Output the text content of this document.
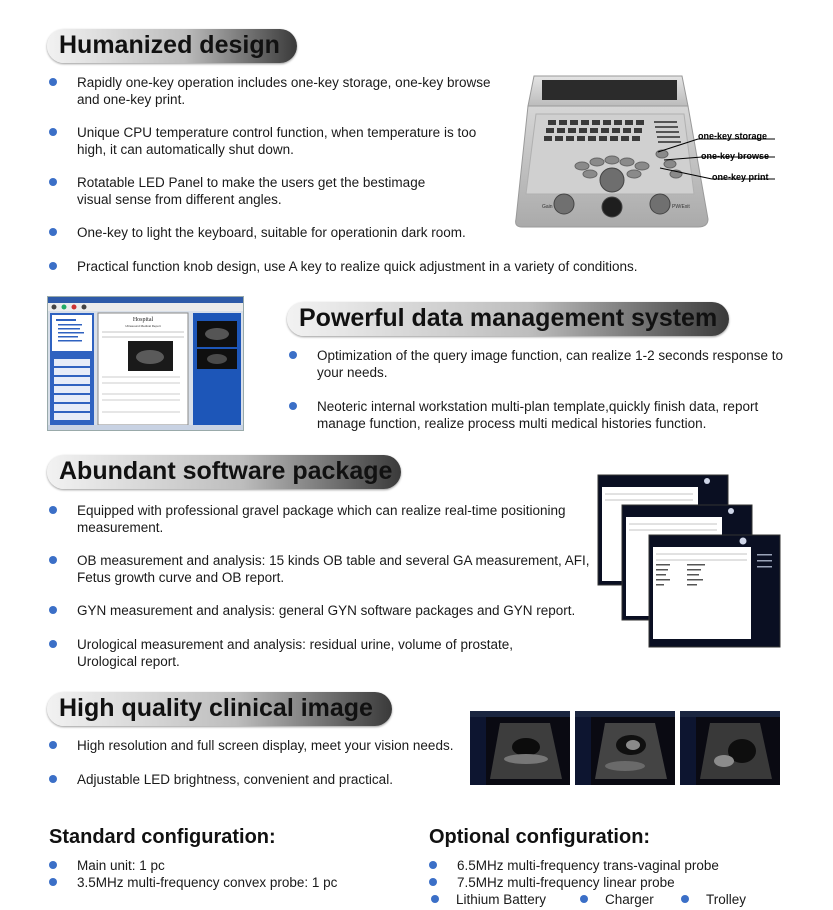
Humanized design
Rapidly one-key operation includes one-key storage, one-key browse and one-key print.
Unique CPU temperature control function, when temperature is too high, it can automatically shut down.
Rotatable LED Panel to make the users get the bestimage visual sense from different angles.
One-key to light the keyboard, suitable for operationin dark room.
Practical function knob design, use A key to realize quick adjustment in a variety of conditions.
Gain	PW/Exit
one-key storage
one-key browse
one-key print
Hospital
Ultrasound Medical Report	Powerful data management system
Optimization of the query image function, can realize 1-2 seconds response to your needs.
Neoteric internal workstation multi-plan template,quickly finish data, report manage function, realize process multi medical histories function.
Abundant software package
Equipped with professional gravel package which can realize real-time positioning measurement.
OB measurement and analysis: 15 kinds OB table and several GA measurement, AFI, Fetus growth curve and OB report.
GYN measurement and analysis: general GYN software packages and GYN report.
Urological measurement and analysis: residual urine, volume of prostate, Urological report.
High quality clinical image
High resolution and full screen display, meet your vision needs.
Adjustable LED brightness, convenient and practical.
Standard configuration:
Main unit: 1 pc
3.5MHz multi-frequency convex probe: 1 pc
Optional configuration:
6.5MHz multi-frequency trans-vaginal probe
7.5MHz multi-frequency linear probe
Lithium Battery	Charger	Trolley
